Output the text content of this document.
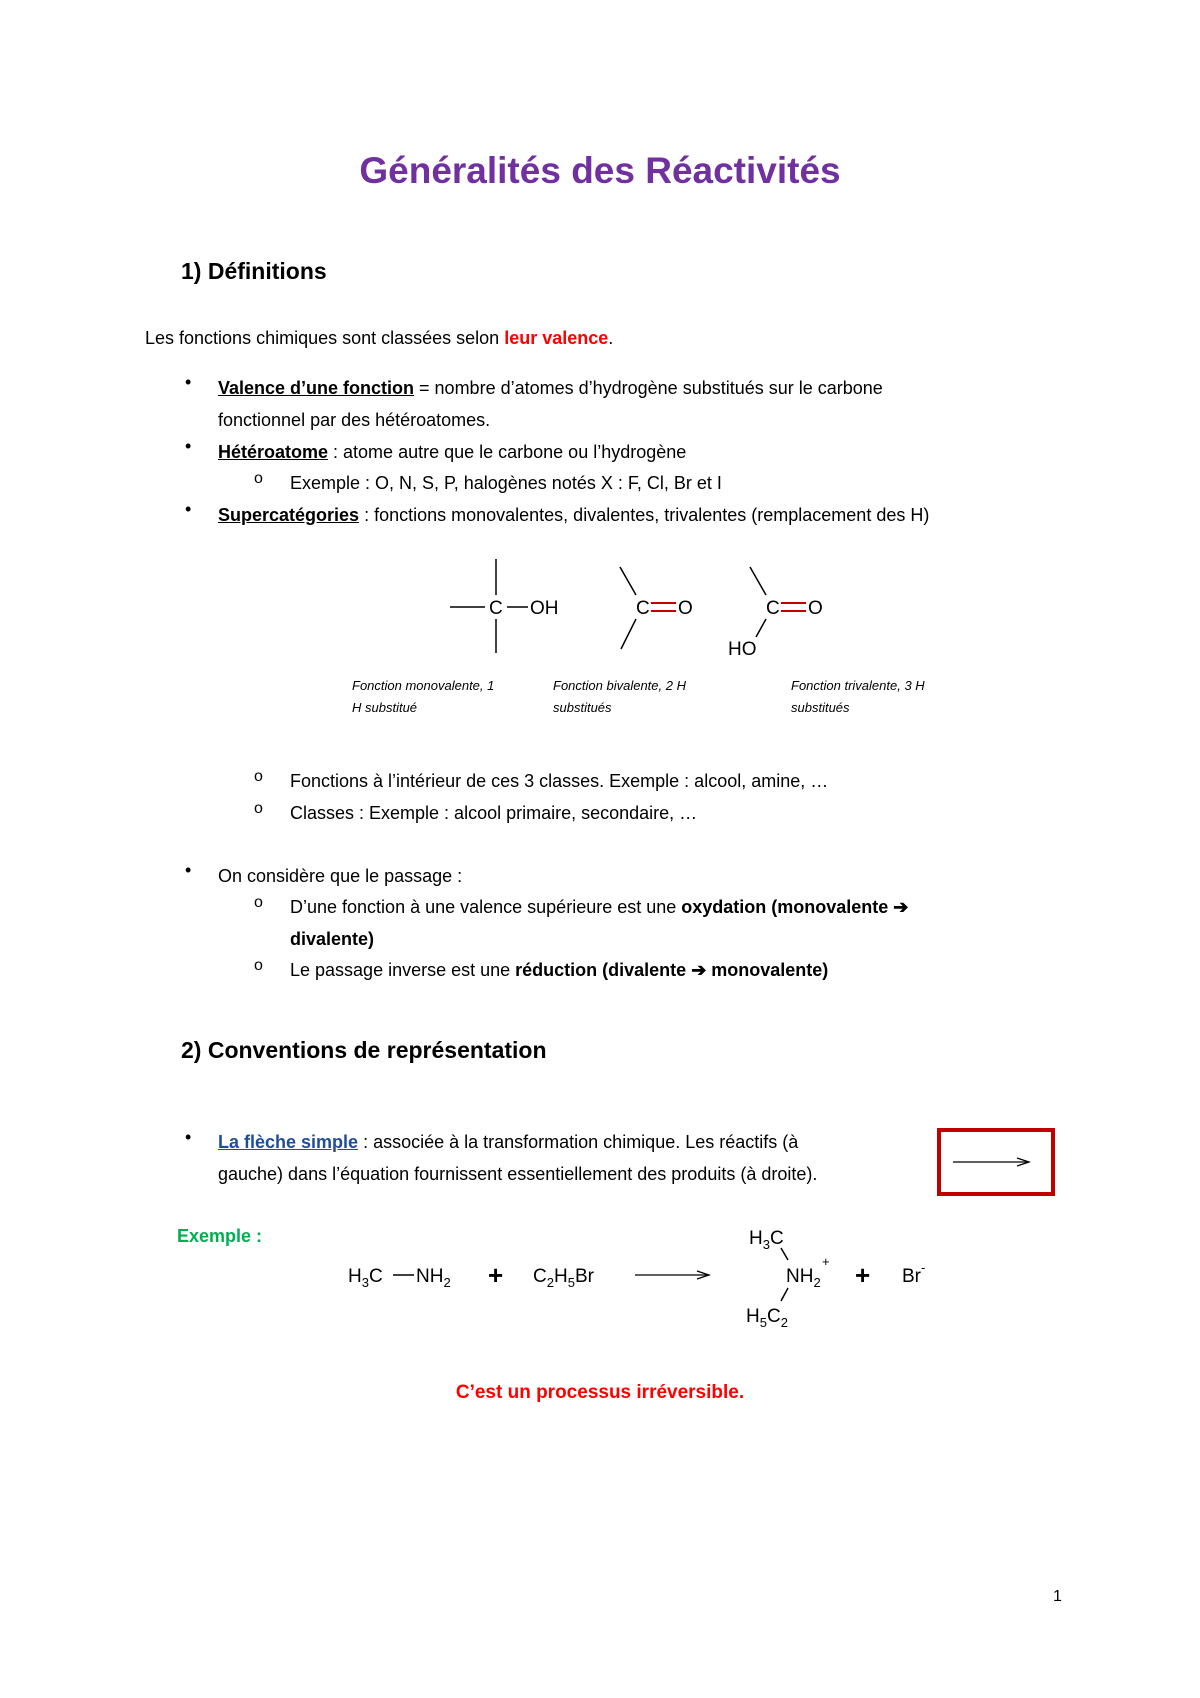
Généralités des Réactivités
1) Définitions
Les fonctions chimiques sont classées selon leur valence.
• Valence d’une fonction = nombre d’atomes d’hydrogène substitués sur le carbone
fonctionnel par des hétéroatomes.
• Hétéroatome : atome autre que le carbone ou l’hydrogène
o Exemple : O, N, S, P, halogènes notés X : F, Cl, Br et I
• Supercatégories : fonctions monovalentes, divalentes, trivalentes (remplacement des H)
C OH	C O	C O
HO
Fonction monovalente, 1
H substitué
Fonction bivalente, 2 H
substitués
Fonction trivalente, 3 H
substitués
o Fonctions à l’intérieur de ces 3 classes. Exemple : alcool, amine, …
o Classes : Exemple : alcool primaire, secondaire, …
• On considère que le passage :
o D’une fonction à une valence supérieure est une oxydation (monovalente ➔
divalente)
o Le passage inverse est une réduction (divalente ➔ monovalente)
2) Conventions de représentation
• La flèche simple : associée à la transformation chimique. Les réactifs (à
gauche) dans l’équation fournissent essentiellement des produits (à droite).
Exemple :
$H_3C$ $NH_2 + C_2H_5Br$
$H_3C$
$NH_2$
+
$H_5C_2$
+ Br-
C’est un processus irréversible.
1
